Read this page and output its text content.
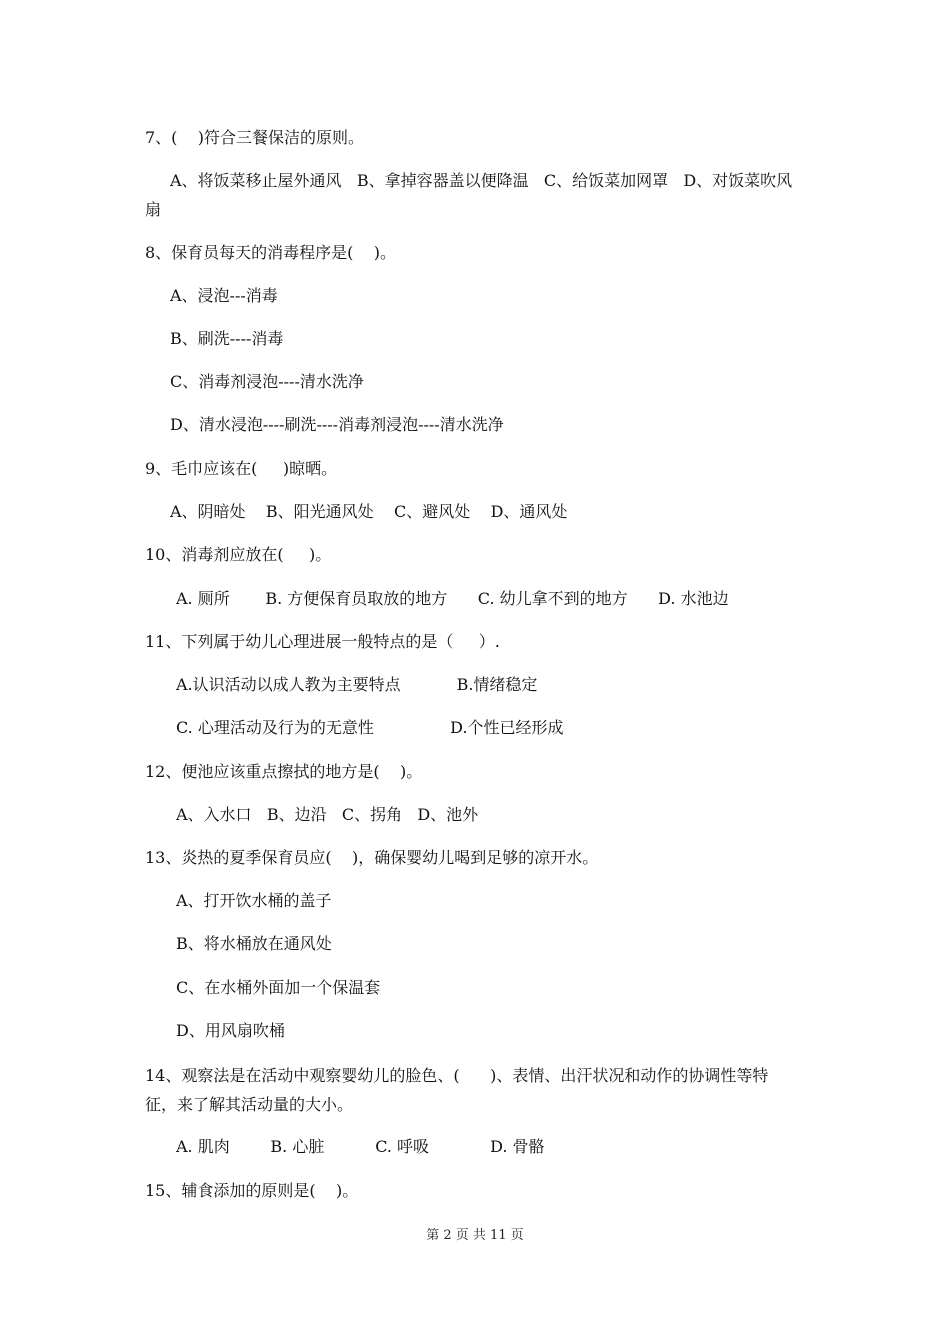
7、(    )符合三餐保洁的原则。
A、将饭菜移止屋外通风   B、拿掉容器盖以便降温   C、给饭菜加网罩   D、对饭菜吹风
扇
8、保育员每天的消毒程序是(    )。
A、浸泡---消毒
B、刷洗----消毒
C、消毒剂浸泡----清水洗净
D、清水浸泡----刷洗----消毒剂浸泡----清水洗净
9、毛巾应该在(     )晾晒。
A、阴暗处    B、阳光通风处    C、避风处    D、通风处
10、消毒剂应放在(     )。
A. 厕所       B. 方便保育员取放的地方      C. 幼儿拿不到的地方      D. 水池边
11、下列属于幼儿心理进展一般特点的是（     ）.
A.认识活动以成人教为主要特点           B.情绪稳定
C. 心理活动及行为的无意性               D.个性已经形成
12、便池应该重点擦拭的地方是(    )。
A、入水口   B、边沿   C、拐角   D、池外
13、炎热的夏季保育员应(    )，确保婴幼儿喝到足够的凉开水。
A、打开饮水桶的盖子
B、将水桶放在通风处
C、在水桶外面加一个保温套
D、用风扇吹桶
14、观察法是在活动中观察婴幼儿的脸色、(      )、表情、出汗状况和动作的协调性等特
征，来了解其活动量的大小。
A. 肌肉        B. 心脏          C. 呼吸            D. 骨骼
15、辅食添加的原则是(    )。
第 2 页 共 11 页
